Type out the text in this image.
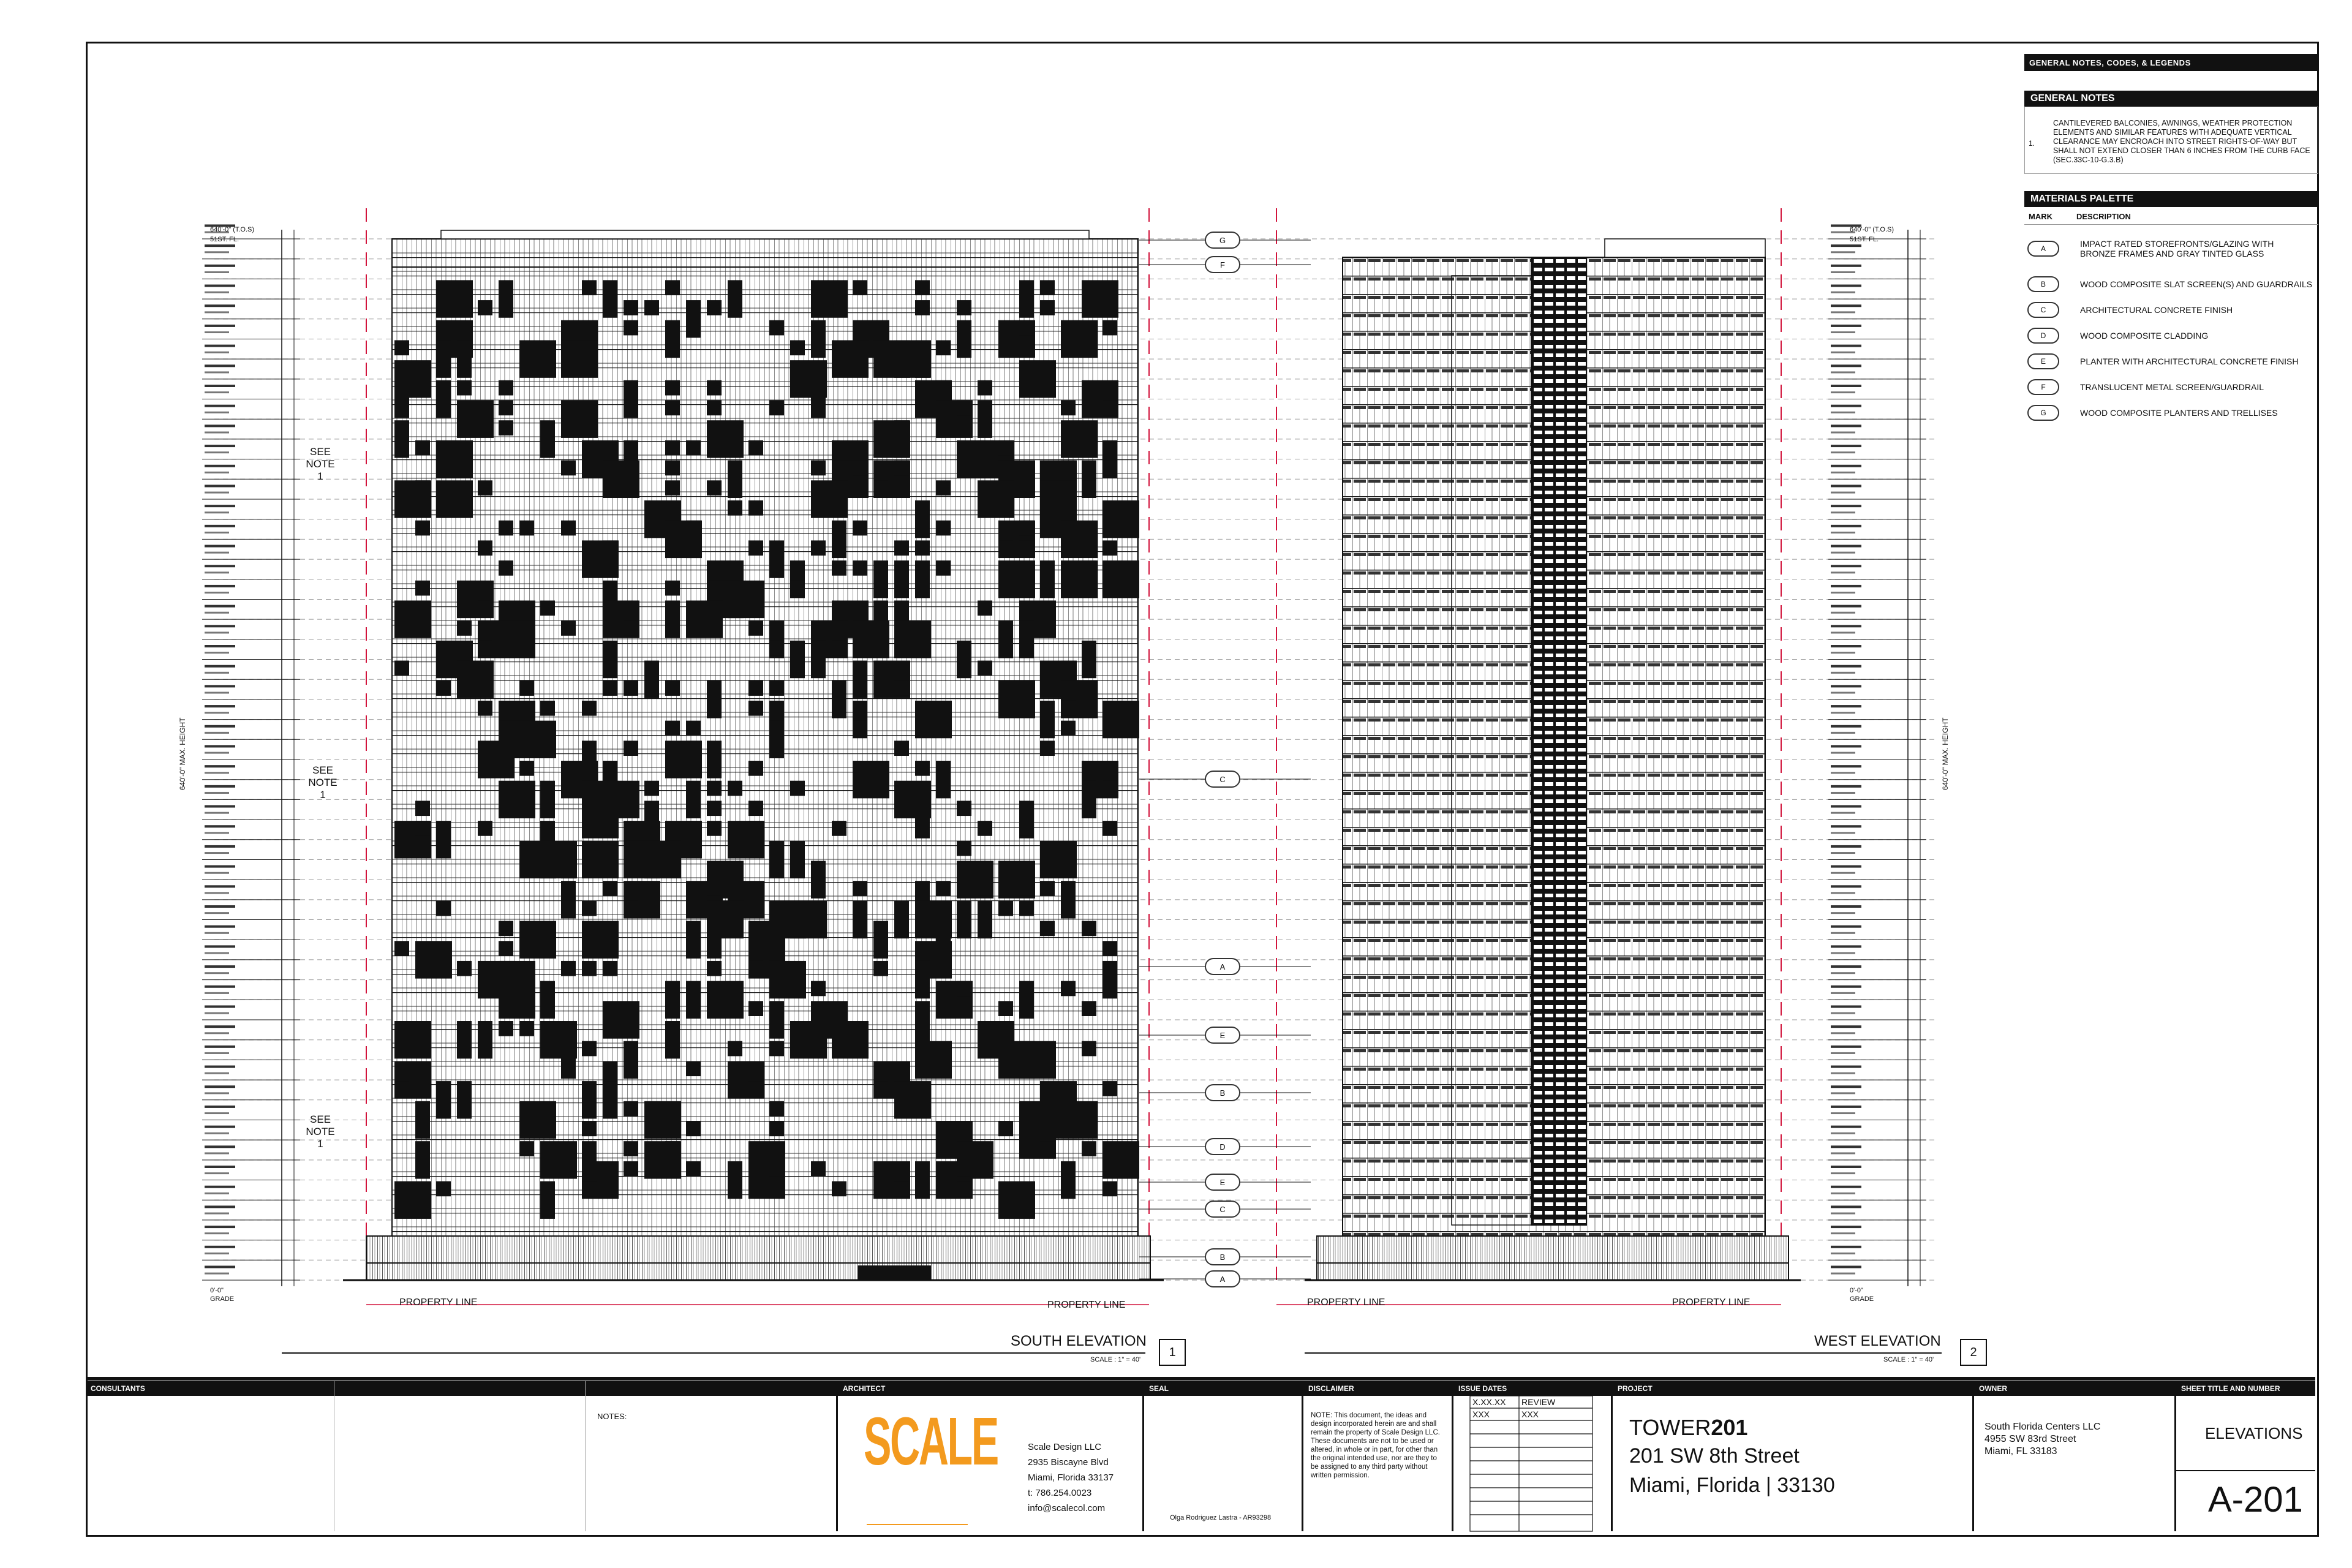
GENERAL NOTES, CODES, & LEGENDS
GENERAL NOTES
1.
CANTILEVERED BALCONIES, AWNINGS, WEATHER PROTECTION ELEMENTS AND SIMILAR FEATURES WITH ADEQUATE VERTICAL CLEARANCE MAY ENCROACH INTO STREET RIGHTS-OF-WAY BUT SHALL NOT EXTEND CLOSER THAN 6 INCHES FROM THE CURB FACE (SEC.33C-10-G.3.B)
MATERIALS PALETTE
MARK	DESCRIPTION
A	IMPACT RATED STOREFRONTS/GLAZING WITH BRONZE FRAMES AND GRAY TINTED GLASS
B	WOOD COMPOSITE SLAT SCREEN(S) AND GUARDRAILS
C	ARCHITECTURAL CONCRETE FINISH
D	WOOD COMPOSITE CLADDING
E	PLANTER WITH ARCHITECTURAL CONCRETE FINISH
F	TRANSLUCENT METAL SCREEN/GUARDRAIL
G	WOOD COMPOSITE PLANTERS AND TRELLISES
640'-0" (T.O.S)
51ST. FL.
0'-0"
GRADE
640'-0" MAX. HEIGHT
640'-0" (T.O.S)
51ST. FL.
0'-0"
GRADE
640'-0" MAX. HEIGHT
G
F
C
A
E
B
D
E
C
B
A
SEE NOTE 1
SEE NOTE 1
SEE NOTE 1
PROPERTY LINE	PROPERTY LINE	PROPERTY LINE	PROPERTY LINE
SOUTH ELEVATION
SCALE : 1" = 40'
1
WEST ELEVATION
SCALE : 1" = 40'
2
CONSULTANTS
NOTES:
ARCHITECT
SCALE	Scale Design LLC
2935 Biscayne Blvd
Miami, Florida 33137
t: 786.254.0023
info@scalecol.com
SEAL
Olga Rodriguez Lastra - AR93298
DISCLAIMER
NOTE: This document, the ideas and design incorporated herein are and shall remain the property of Scale Design LLC. These documents are not to be used or altered, in whole or in part, for other than the original intended use, nor are they to be assigned to any third party without written permission.
ISSUE DATES
X.XX.XX REVIEW
XXX	XXX
PROJECT
TOWER201
201 SW 8th Street
Miami, Florida | 33130
OWNER
South Florida Centers LLC
4955 SW 83rd Street
Miami, FL 33183
SHEET TITLE AND NUMBER
ELEVATIONS
A-201
